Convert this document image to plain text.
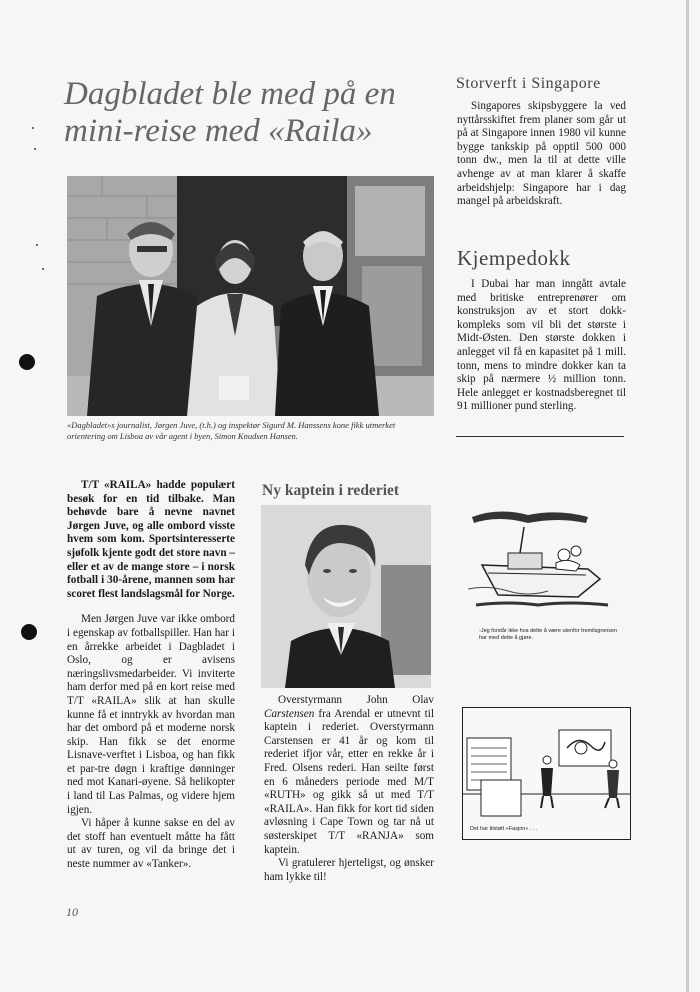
Dagbladet ble med på en
mini-reise med «Raila»
«Dagbladet»s journalist, Jørgen Juve, (t.h.) og inspektør Sigurd M. Hanssens kone fikk utmerket orientering om Lisboa av vår agent i byen, Simon Knudsen Hansen.
Storverft i Singapore

Singapores skipsbyggere la ved nyttårsskiftet frem planer som går ut på at Singapore innen 1980 vil kunne bygge tankskip på opptil 500 000 tonn dw., men la til at dette ville avhenge av at man klarer å skaffe arbeidshjelp: Singapore har i dag mangel på arbeidskraft.

Kjempedokk

I Dubai har man inngått avtale med britiske entreprenører om konstruksjon av et stort dokk-kompleks som vil bli det største i Midt-Østen. Den største dokken i anlegget vil få en kapasitet på 1 mill. tonn, mens to mindre dokker kan ta skip på nærmere ½ million tonn. Hele anlegget er kostnadsberegnet til 91 millioner pund sterling.

T/T «RAILA» hadde populært besøk for en tid tilbake. Man behøvde bare å nevne navnet Jørgen Juve, og alle ombord visste hvem som kom. Sportsinteresserte sjøfolk kjente godt det store navn – eller et av de mange store – i norsk fotball i 30-årene, mannen som har scoret flest landslagsmål for Norge.

Men Jørgen Juve var ikke ombord i egenskap av fotballspiller. Han har i en årrekke arbeidet i Dagbladet i Oslo, og er avisens næringslivsmedarbeider. Vi inviterte ham derfor med på en kort reise med T/T «RAILA» slik at han skulle kunne få et inntrykk av hvordan man har det ombord på et moderne norsk skip. Han fikk se det enorme Lisnave-verftet i Lisboa, og han fikk et par-tre døgn i kraftige dønninger ned mot Kanari-øyene. Så helikopter i land til Las Palmas, og videre hjem igjen.

Vi håper å kunne sakse en del av det stoff han eventuelt måtte ha fått ut av turen, og vil da bringe det i neste nummer av «Tanker».

Ny kaptein i rederiet

Overstyrmann John Olav Carstensen fra Arendal er utnevnt til kaptein i rederiet. Overstyrmann Carstensen er 41 år og kom til rederiet ifjor vår, etter en rekke år i Fred. Olsens rederi. Han seilte først en 6 måneders periode med M/T «RUTH» og gikk så ut med T/T «RAILA». Han fikk for kort tid siden avløsning i Cape Town og tar nå ut søsterskipet T/T «RANJA» som kaptein.

Vi gratulerer hjerteligst, og ønsker ham lykke til!

-Jeg forstår ikke hva dette å være utenfor tremilsgrensen har med dette å gjøre.
Det har tilstøtt «Fasjon» . . .
10
